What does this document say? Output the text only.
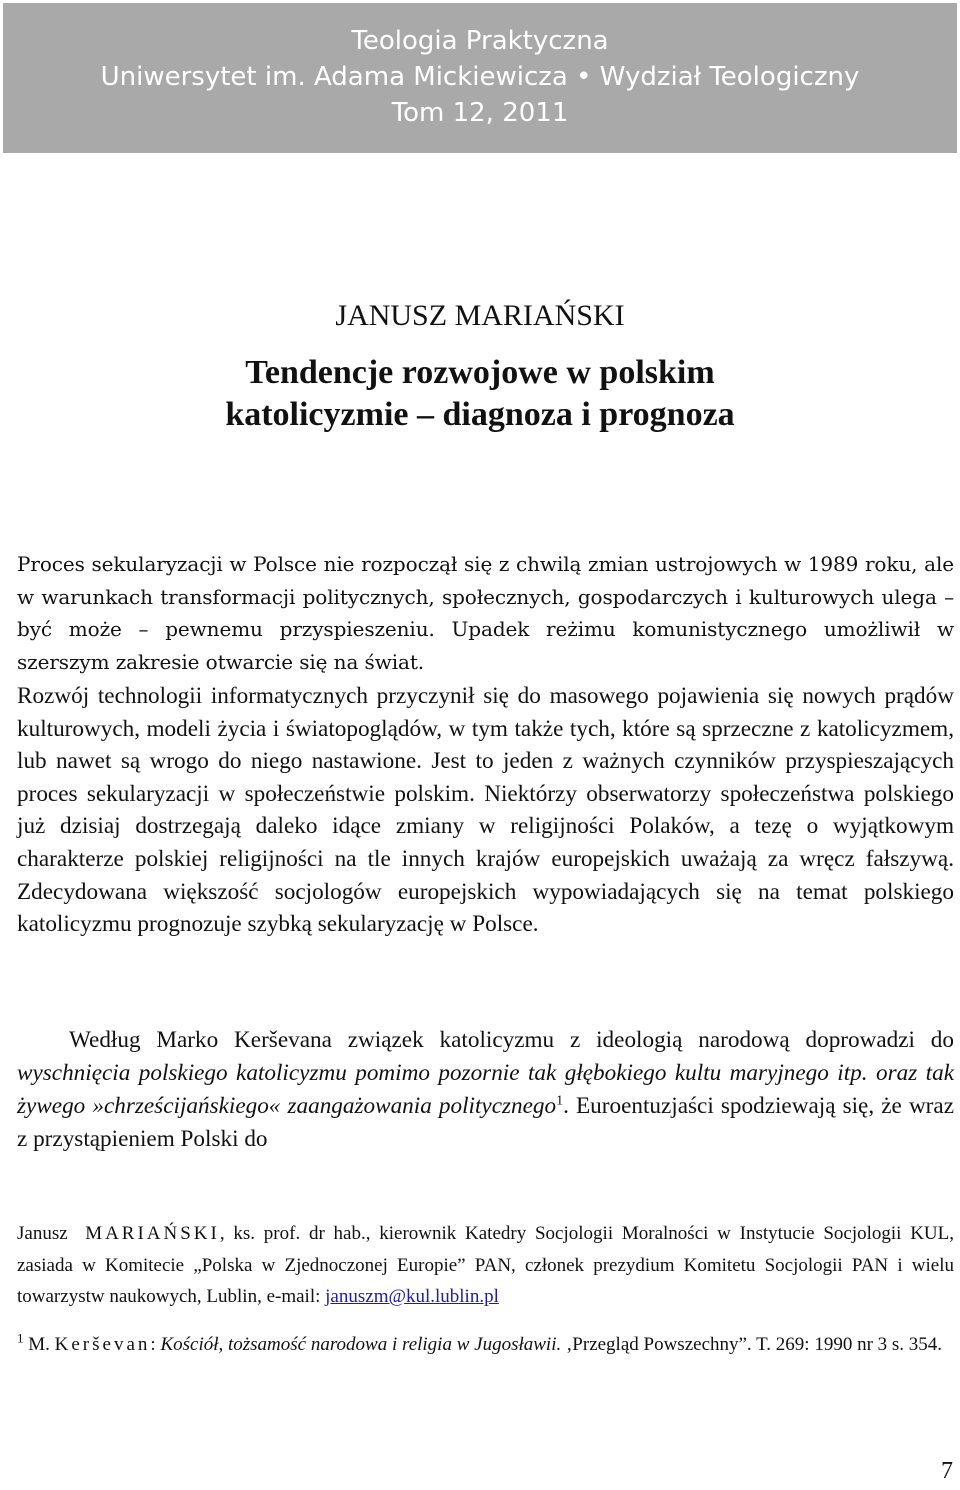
Teologia Praktyczna
Uniwersytet im. Adama Mickiewicza • Wydział Teologiczny
Tom 12, 2011
JANUSZ MARIAŃSKI
Tendencje rozwojowe w polskim
katolicyzmie – diagnoza i prognoza

Proces sekularyzacji w Polsce nie rozpoczął się z chwilą zmian ustrojowych w 1989 roku, ale w warunkach transformacji politycznych, społecznych, gospodarczych i kulturowych ulega – być może – pewnemu przyspieszeniu. Upadek reżimu komunistycznego umożliwił w szerszym zakresie otwarcie się na świat.

Rozwój technologii informatycznych przyczynił się do masowego pojawienia się nowych prądów kulturowych, modeli życia i światopoglądów, w tym także tych, które są sprzeczne z katolicyzmem, lub nawet są wrogo do niego nastawione. Jest to jeden z ważnych czynników przyspieszających proces sekularyzacji w społeczeństwie polskim. Niektórzy obserwatorzy społeczeństwa polskiego już dzisiaj dostrzegają daleko idące zmiany w religijności Polaków, a tezę o wyjątkowym charakterze polskiej religijności na tle innych krajów europejskich uważają za wręcz fałszywą. Zdecydowana większość socjologów europejskich wypowiadających się na temat polskiego katolicyzmu prognozuje szybką sekularyzację w Polsce.

Według Marko Kerševana związek katolicyzmu z ideologią narodową doprowadzi do wyschnięcia polskiego katolicyzmu pomimo pozornie tak głębokiego kultu maryjnego itp. oraz tak żywego »chrześcijańskiego« zaangażowania politycznego$^1$. Euroentuzjaści spodziewają się, że wraz z przystąpieniem Polski do

Janusz MARIAŃSKI, ks. prof. dr hab., kierownik Katedry Socjologii Moralności w Instytucie Socjologii KUL, zasiada w Komitecie „Polska w Zjednoczonej Europie” PAN, członek prezydium Komitetu Socjologii PAN i wielu towarzystw naukowych, Lublin, e-mail: januszm@kul.lublin.pl

$^1$ M. Kerševan: Kościół, tożsamość narodowa i religia w Jugosławii. ‚Przegląd Powszechny”. T. 269: 1990 nr 3 s. 354.

7
